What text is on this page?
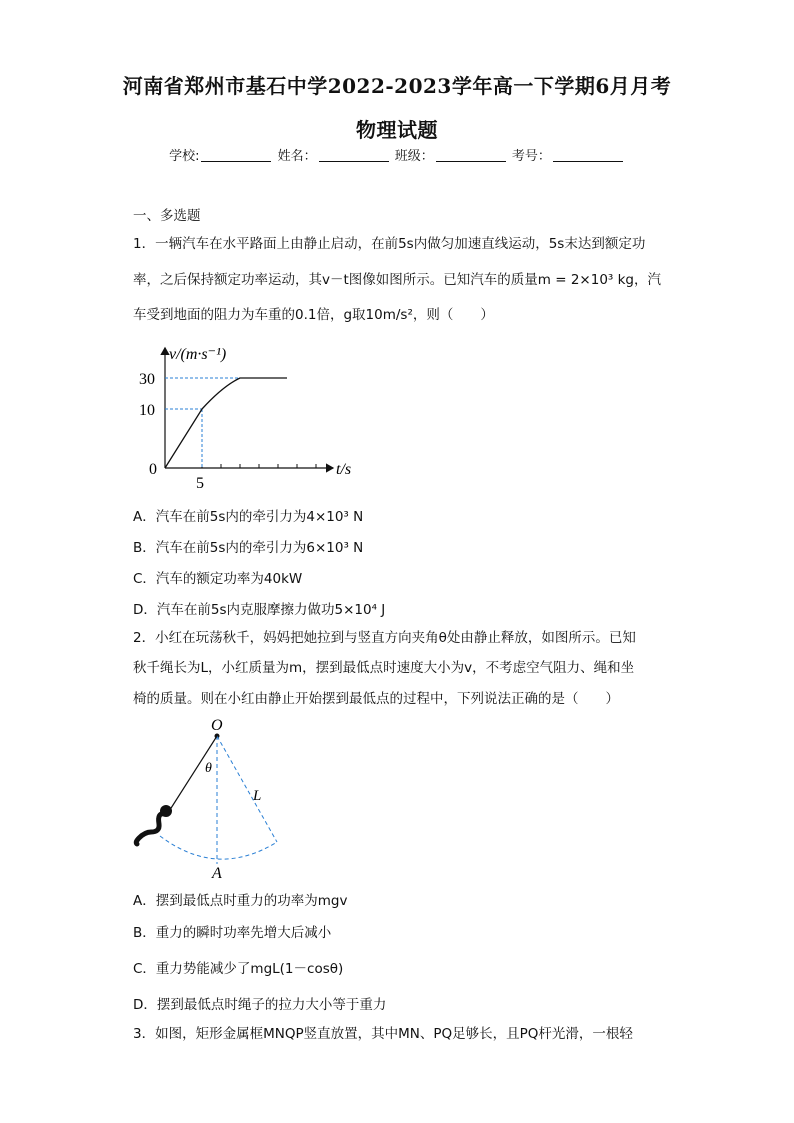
河南省郑州市基石中学2022-2023学年高一下学期6月月考
物理试题
学校:	姓名：	班级：	考号：
一、多选题
1．一辆汽车在水平路面上由静止启动，在前5s内做匀加速直线运动，5s末达到额定功
率，之后保持额定功率运动，其v－t图像如图所示。已知汽车的质量m = 2×10³ kg，汽
车受到地面的阻力为车重的0.1倍，g取10m/s²，则（　　）
v/(m·s⁻¹)
30
10
0
5
t/s
A．汽车在前5s内的牵引力为4×10³ N
B．汽车在前5s内的牵引力为6×10³ N
C．汽车的额定功率为40kW
D．汽车在前5s内克服摩擦力做功5×10⁴ J
2．小红在玩荡秋千，妈妈把她拉到与竖直方向夹角θ处由静止释放，如图所示。已知
秋千绳长为L，小红质量为m，摆到最低点时速度大小为v，不考虑空气阻力、绳和坐
椅的质量。则在小红由静止开始摆到最低点的过程中，下列说法正确的是（　　）
O
θ
L
A
A．摆到最低点时重力的功率为mgv
B．重力的瞬时功率先增大后减小
C．重力势能减少了mgL(1－cosθ)
D．摆到最低点时绳子的拉力大小等于重力
3．如图，矩形金属框MNQP竖直放置，其中MN、PQ足够长，且PQ杆光滑，一根轻
